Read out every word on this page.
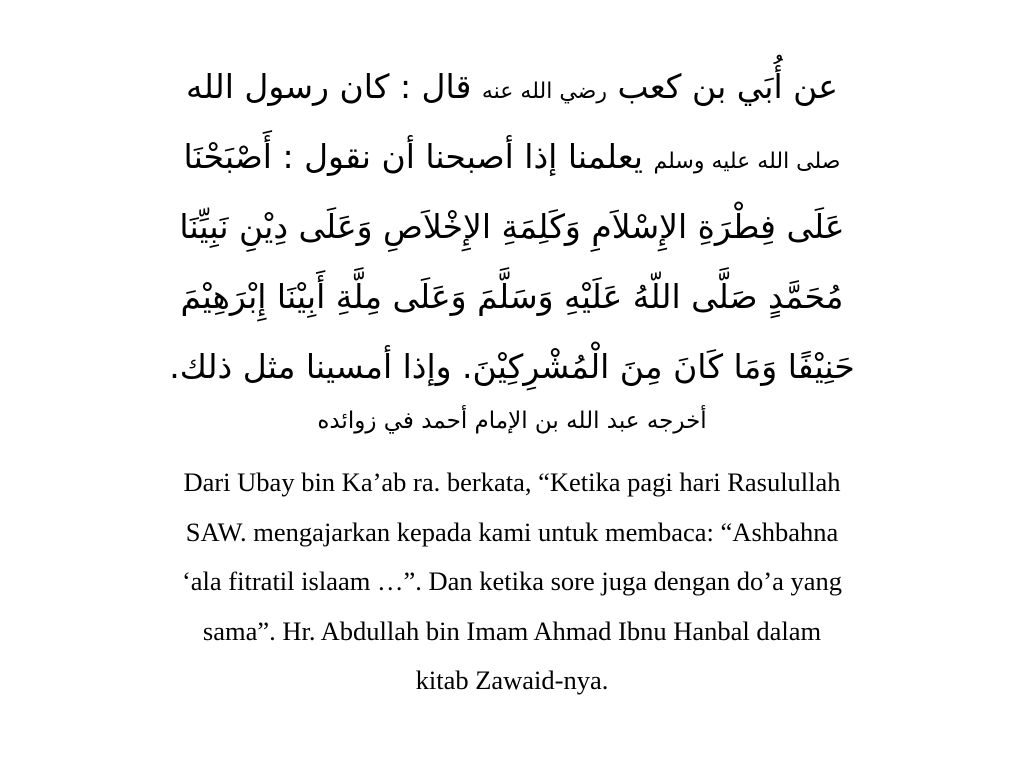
عن أُبَي بن كعب رضي الله عنه قال : كان رسول الله
صلى الله عليه وسلم يعلمنا إذا أصبحنا أن نقول : أَصْبَحْنَا
عَلَى فِطْرَةِ الإِسْلاَمِ وَكَلِمَةِ الإِخْلاَصِ وَعَلَى دِيْنِ نَبِيِّنَا
مُحَمَّدٍ صَلَّى اللّهُ عَلَيْهِ وَسَلَّمَ وَعَلَى مِلَّةِ أَبِيْنَا إِبْرَهِيْمَ
حَنِيْفًا وَمَا كَانَ مِنَ الْمُشْرِكِيْنَ. وإذا أمسينا مثل ذلك.
أخرجه عبد الله بن الإمام أحمد في زوائده
Dari Ubay bin Ka’ab ra. berkata, “Ketika pagi hari Rasulullah
SAW. mengajarkan kepada kami untuk membaca: “Ashbahna
‘ala fitratil islaam …”. Dan ketika sore juga dengan do’a yang
sama”. Hr. Abdullah bin Imam Ahmad Ibnu Hanbal dalam
kitab Zawaid-nya.
